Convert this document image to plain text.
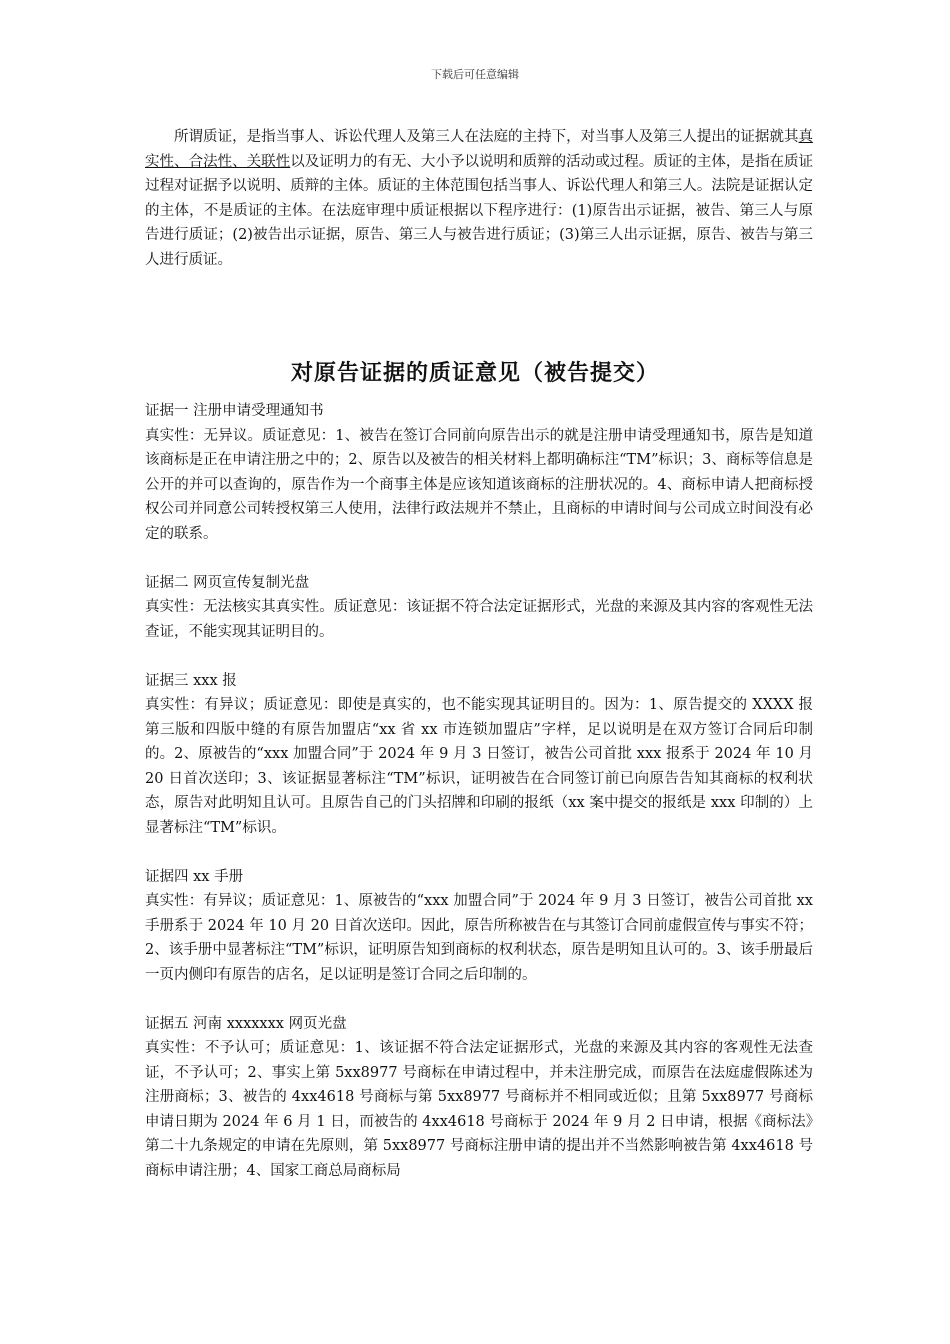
下载后可任意编辑

所谓质证，是指当事人、诉讼代理人及第三人在法庭的主持下，对当事人及第三人提出的证据就其真实性、合法性、关联性以及证明力的有无、大小予以说明和质辩的活动或过程。质证的主体，是指在质证过程对证据予以说明、质辩的主体。质证的主体范围包括当事人、诉讼代理人和第三人。法院是证据认定的主体，不是质证的主体。在法庭审理中质证根据以下程序进行：(1)原告出示证据，被告、第三人与原告进行质证；(2)被告出示证据，原告、第三人与被告进行质证；(3)第三人出示证据，原告、被告与第三人进行质证。

对原告证据的质证意见（被告提交）

证据一 注册申请受理通知书

真实性：无异议。质证意见：1、被告在签订合同前向原告出示的就是注册申请受理通知书，原告是知道该商标是正在申请注册之中的；2、原告以及被告的相关材料上都明确标注“TM”标识；3、商标等信息是公开的并可以查询的，原告作为一个商事主体是应该知道该商标的注册状况的。4、商标申请人把商标授权公司并同意公司转授权第三人使用，法律行政法规并不禁止，且商标的申请时间与公司成立时间没有必定的联系。

证据二 网页宣传复制光盘

真实性：无法核实其真实性。质证意见：该证据不符合法定证据形式，光盘的来源及其内容的客观性无法查证，不能实现其证明目的。

证据三 xxx 报

真实性：有异议；质证意见：即使是真实的，也不能实现其证明目的。因为：1、原告提交的 XXXX 报第三版和四版中缝的有原告加盟店“xx 省 xx 市连锁加盟店”字样，足以说明是在双方签订合同后印制的。2、原被告的“xxx 加盟合同”于 2024 年 9 月 3 日签订，被告公司首批 xxx 报系于 2024 年 10 月 20 日首次送印；3、该证据显著标注“TM”标识，证明被告在合同签订前已向原告告知其商标的权利状态，原告对此明知且认可。且原告自己的门头招牌和印刷的报纸（xx 案中提交的报纸是 xxx 印制的）上显著标注“TM”标识。

证据四 xx 手册

真实性：有异议；质证意见：1、原被告的“xxx 加盟合同”于 2024 年 9 月 3 日签订，被告公司首批 xx 手册系于 2024 年 10 月 20 日首次送印。因此，原告所称被告在与其签订合同前虚假宣传与事实不符；2、该手册中显著标注“TM”标识，证明原告知到商标的权利状态，原告是明知且认可的。3、该手册最后一页内侧印有原告的店名，足以证明是签订合同之后印制的。

证据五 河南 xxxxxxx 网页光盘

真实性：不予认可；质证意见：1、该证据不符合法定证据形式，光盘的来源及其内容的客观性无法查证，不予认可；2、事实上第 5xx8977 号商标在申请过程中，并未注册完成，而原告在法庭虚假陈述为注册商标；3、被告的 4xx4618 号商标与第 5xx8977 号商标并不相同或近似；且第 5xx8977 号商标申请日期为 2024 年 6 月 1 日，而被告的 4xx4618 号商标于 2024 年 9 月 2 日申请，根据《商标法》第二十九条规定的申请在先原则，第 5xx8977 号商标注册申请的提出并不当然影响被告第 4xx4618 号商标申请注册；4、国家工商总局商标局
